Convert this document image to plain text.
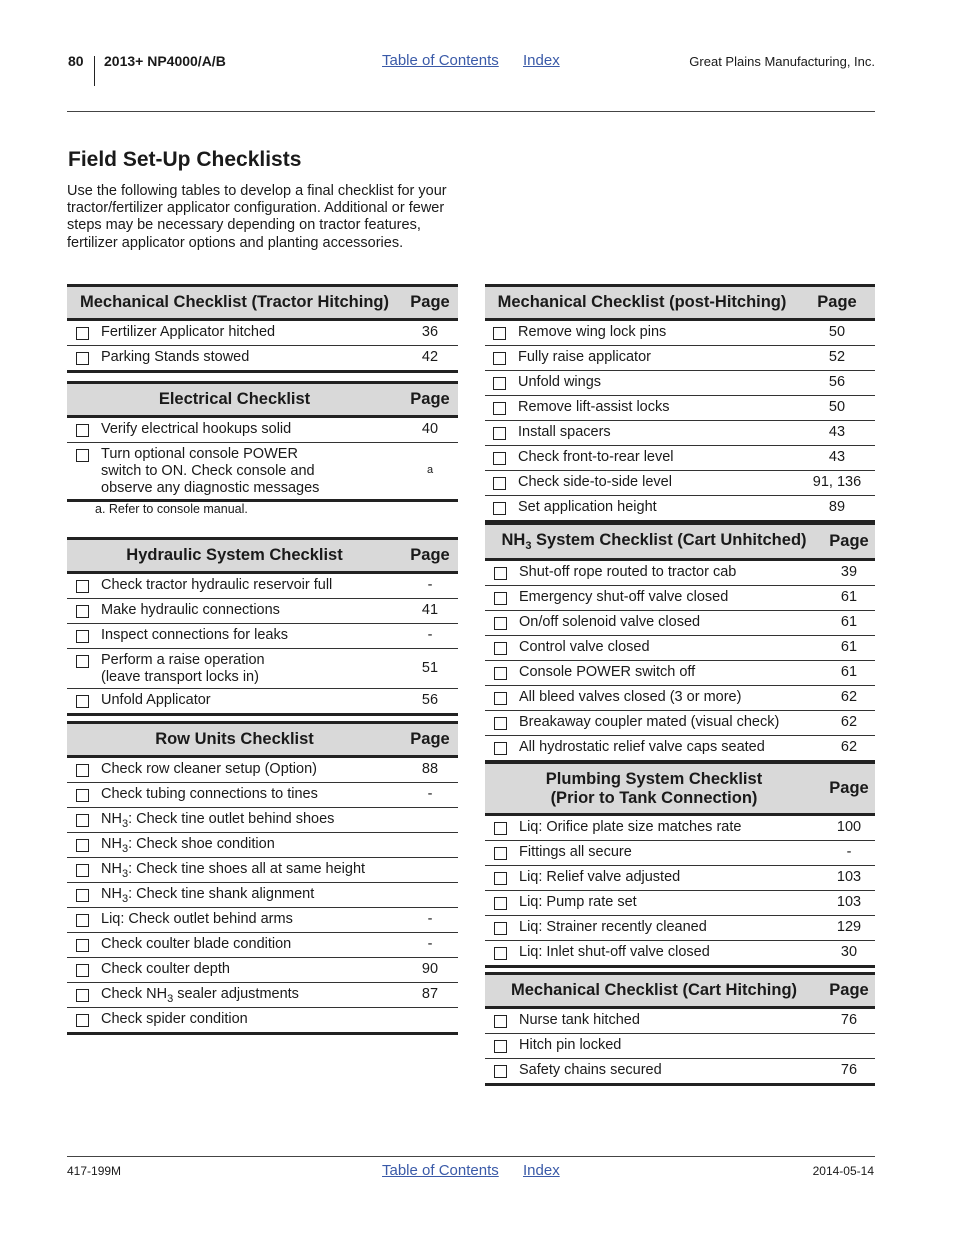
80 2013+ NP4000/A/B	Table of Contents Index	Great Plains Manufacturing, Inc.
Field Set-Up Checklists

Use the following tables to develop a final checklist for your tractor/fertilizer applicator configuration. Additional or fewer steps may be necessary depending on tractor features, fertilizer applicator options and planting accessories.

Mechanical Checklist (Tractor Hitching)		Page
	Fertilizer Applicator hitched	36
	Parking Stands stowed	42
Electrical Checklist		Page
	Verify electrical hookups solid	40
	Turn optional console POWER switch to ON. Check console and observe any diagnostic messages	a
a. Refer to console manual.
Hydraulic System Checklist		Page
	Check tractor hydraulic reservoir full	-
	Make hydraulic connections	41
	Inspect connections for leaks	-
	Perform a raise operation
(leave transport locks in)	51
	Unfold Applicator	56
Row Units Checklist		Page
	Check row cleaner setup (Option)	88
	Check tubing connections to tines	-
	$NH_3$: Check tine outlet behind shoes	
	$NH_3$: Check shoe condition	
	$NH_3$: Check tine shoes all at same height	
	$NH_3$: Check tine shank alignment	
	Liq: Check outlet behind arms	-
	Check coulter blade condition	-
	Check coulter depth	90
	Check $NH_3$ sealer adjustments	87
	Check spider condition	
Mechanical Checklist (post-Hitching)		Page
	Remove wing lock pins	50
	Fully raise applicator	52
	Unfold wings	56
	Remove lift-assist locks	50
	Install spacers	43
	Check front-to-rear level	43
	Check side-to-side level	91, 136
	Set application height	89
$NH_3$ System Checklist (Cart Unhitched)		Page
	Shut-off rope routed to tractor cab	39
	Emergency shut-off valve closed	61
	On/off solenoid valve closed	61
	Control valve closed	61
	Console POWER switch off	61
	All bleed valves closed (3 or more)	62
	Breakaway coupler mated (visual check)	62
	All hydrostatic relief valve caps seated	62
Plumbing System Checklist
(Prior to Tank Connection)		Page
	Liq: Orifice plate size matches rate	100
	Fittings all secure	-
	Liq: Relief valve adjusted	103
	Liq: Pump rate set	103
	Liq: Strainer recently cleaned	129
	Liq: Inlet shut-off valve closed	30
Mechanical Checklist (Cart Hitching)		Page
	Nurse tank hitched	76
	Hitch pin locked	
	Safety chains secured	76
417-199M	Table of Contents Index	2014-05-14
